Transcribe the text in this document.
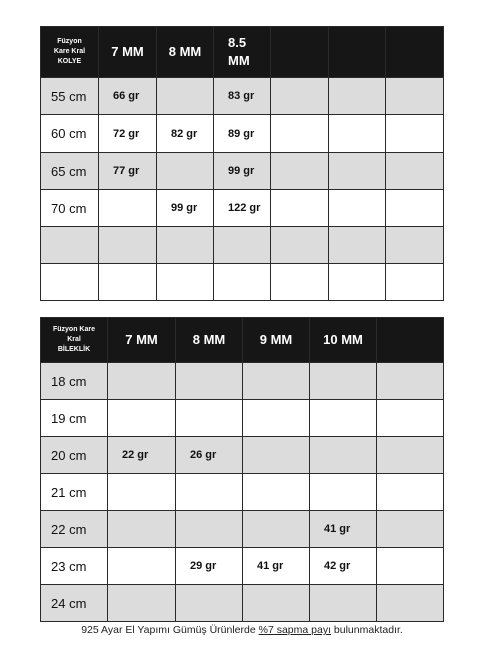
Füzyon
Kare Kral
KOLYE	7 MM	8 MM	8.5 MM			
55 cm	66 gr		83 gr			
60 cm	72 gr	82 gr	89 gr			
65 cm	77 gr		99 gr			
70 cm		99 gr	122 gr			

Füzyon Kare
Kral
BİLEKLİK	7 MM	8 MM	9 MM	10 MM	
18 cm					
19 cm					
20 cm	22 gr	26 gr			
21 cm					
22 cm				41 gr	
23 cm		29 gr	41 gr	42 gr	
24 cm					
925 Ayar El Yapımı Gümüş Ürünlerde %7 sapma payı bulunmaktadır.
